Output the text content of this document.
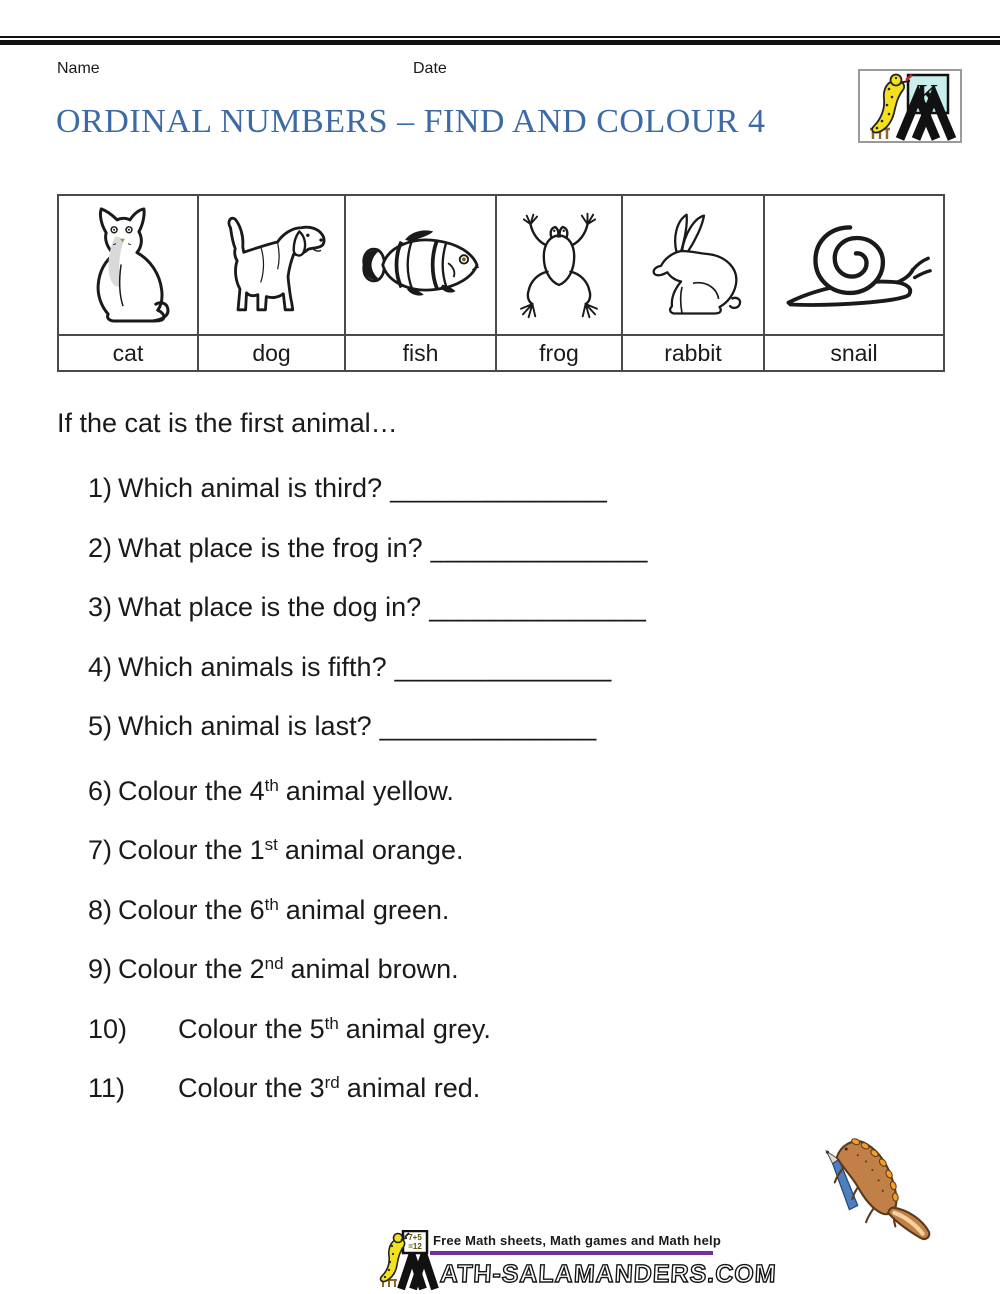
Name	Date
K
ORDINAL NUMBERS – FIND AND COLOUR 4

cat	dog	fish	frog	rabbit	snail
If the cat is the first animal…
1) Which animal is third? ______________
2) What place is the frog in? ______________
3) What place is the dog in? ______________
4) Which animals is fifth? ______________
5) Which animal is last? ______________
6) Colour the 4th animal yellow.
7) Colour the 1st animal orange.
8) Colour the 6th animal green.
9) Colour the 2nd animal brown.
10) Colour the 5th animal grey.
11) Colour the 3rd animal red.
7+5
=12 Free Math sheets, Math games and Math help
ATH-SALAMANDERS.COM
